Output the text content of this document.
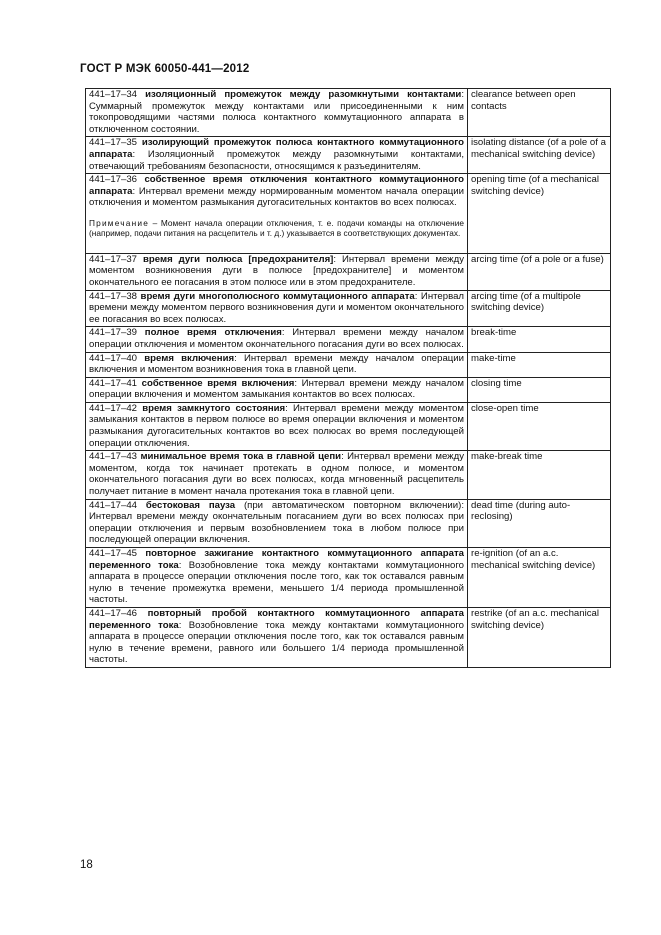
ГОСТ Р МЭК 60050-441—2012
441–17–34 изоляционный промежуток между разомкнутыми контактами: Суммарный промежуток между контактами или присоединенными к ним токопроводящими частями полюса контактного коммутационного аппарата в отключенном состоянии.	clearance between open contacts

441–17–35 изолирующий промежуток полюса контактного коммутационного аппарата: Изоляционный промежуток между разомкнутыми контактами, отвечающий требованиям безопасности, относящимся к разъединителям.	isolating distance (of a pole of a mechanical switching device)

441–17–36 собственное время отключения контактного коммутационного аппарата: Интервал времени между нормированным моментом начала операции отключения и моментом размыкания дугогасительных контактов во всех полюсах.
Примечание – Момент начала операции отключения, т. е. подачи команды на отключение (например, подачи питания на расцепитель и т. д.) указывается в соответствующих документах.	opening time (of a mechanical switching device)

441–17–37 время дуги полюса [предохранителя]: Интервал времени между моментом возникновения дуги в полюсе [предохранителе] и моментом окончательного ее погасания в этом полюсе или в этом предохранителе.	arcing time (of a pole or a fuse)

441–17–38 время дуги многополюсного коммутационного аппарата: Интервал времени между моментом первого возникновения дуги и моментом окончательного ее погасания во всех полюсах.	arcing time (of a multipole switching device)

441–17–39 полное время отключения: Интервал времени между началом операции отключения и моментом окончательного погасания дуги во всех полюсах.	break-time

441–17–40 время включения: Интервал времени между началом операции включения и моментом возникновения тока в главной цепи.	make-time

441–17–41 собственное время включения: Интервал времени между началом операции включения и моментом замыкания контактов во всех полюсах.	closing time

441–17–42 время замкнутого состояния: Интервал времени между моментом замыкания контактов в первом полюсе во время операции включения и моментом размыкания дугогасительных контактов во всех полюсах во время последующей операции отключения.	close-open time

441–17–43 минимальное время тока в главной цепи: Интервал времени между моментом, когда ток начинает протекать в одном полюсе, и моментом окончательного погасания дуги во всех полюсах, когда мгновенный расцепитель получает питание в момент начала протекания тока в главной цепи.	make-break time

441–17–44 бестоковая пауза (при автоматическом повторном включении): Интервал времени между окончательным погасанием дуги во всех полюсах при операции отключения и первым возобновлением тока в любом полюсе при последующей операции включения.	dead time (during auto-reclosing)

441–17–45 повторное зажигание контактного коммутационного аппарата переменного тока: Возобновление тока между контактами коммутационного аппарата в процессе операции отключения после того, как ток оставался равным нулю в течение промежутка времени, меньшего 1/4 периода промышленной частоты.	re-ignition (of an a.c. mechanical switching device)

441–17–46 повторный пробой контактного коммутационного аппарата переменного тока: Возобновление тока между контактами коммутационного аппарата в процессе операции отключения после того, как ток оставался равным нулю в течение времени, равного или большего 1/4 периода промышленной частоты.	restrike (of an a.c. mechanical switching device)
18
